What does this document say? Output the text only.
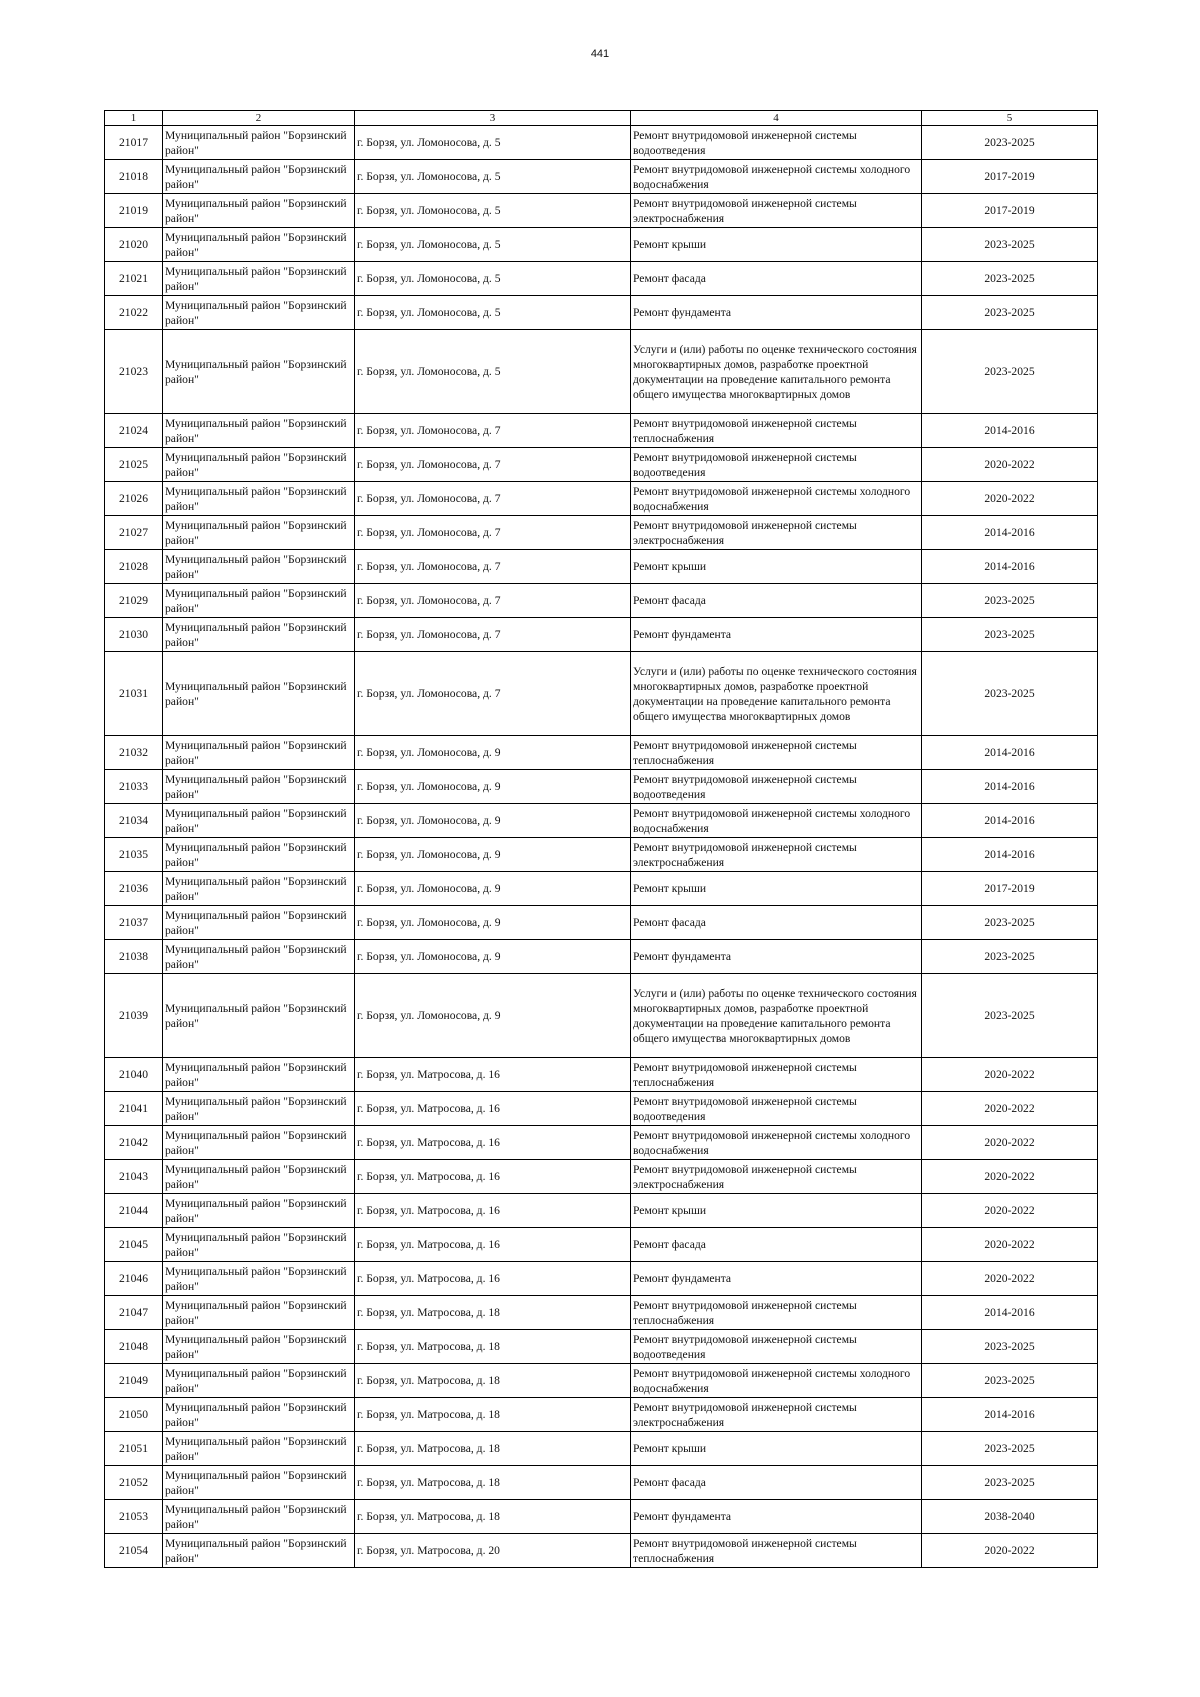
441
1	2	3	4	5
21017	Муниципальный район "Борзинский район"	г. Борзя, ул. Ломоносова, д. 5	Ремонт внутридомовой инженерной системы водоотведения	2023-2025
21018	Муниципальный район "Борзинский район"	г. Борзя, ул. Ломоносова, д. 5	Ремонт внутридомовой инженерной системы холодного водоснабжения	2017-2019
21019	Муниципальный район "Борзинский район"	г. Борзя, ул. Ломоносова, д. 5	Ремонт внутридомовой инженерной системы электроснабжения	2017-2019
21020	Муниципальный район "Борзинский район"	г. Борзя, ул. Ломоносова, д. 5	Ремонт крыши	2023-2025
21021	Муниципальный район "Борзинский район"	г. Борзя, ул. Ломоносова, д. 5	Ремонт фасада	2023-2025
21022	Муниципальный район "Борзинский район"	г. Борзя, ул. Ломоносова, д. 5	Ремонт фундамента	2023-2025
21023	Муниципальный район "Борзинский район"	г. Борзя, ул. Ломоносова, д. 5	Услуги и (или) работы по оценке технического состояния многоквартирных домов, разработке проектной документации на проведение капитального ремонта общего имущества многоквартирных домов	2023-2025
21024	Муниципальный район "Борзинский район"	г. Борзя, ул. Ломоносова, д. 7	Ремонт внутридомовой инженерной системы теплоснабжения	2014-2016
21025	Муниципальный район "Борзинский район"	г. Борзя, ул. Ломоносова, д. 7	Ремонт внутридомовой инженерной системы водоотведения	2020-2022
21026	Муниципальный район "Борзинский район"	г. Борзя, ул. Ломоносова, д. 7	Ремонт внутридомовой инженерной системы холодного водоснабжения	2020-2022
21027	Муниципальный район "Борзинский район"	г. Борзя, ул. Ломоносова, д. 7	Ремонт внутридомовой инженерной системы электроснабжения	2014-2016
21028	Муниципальный район "Борзинский район"	г. Борзя, ул. Ломоносова, д. 7	Ремонт крыши	2014-2016
21029	Муниципальный район "Борзинский район"	г. Борзя, ул. Ломоносова, д. 7	Ремонт фасада	2023-2025
21030	Муниципальный район "Борзинский район"	г. Борзя, ул. Ломоносова, д. 7	Ремонт фундамента	2023-2025
21031	Муниципальный район "Борзинский район"	г. Борзя, ул. Ломоносова, д. 7	Услуги и (или) работы по оценке технического состояния многоквартирных домов, разработке проектной документации на проведение капитального ремонта общего имущества многоквартирных домов	2023-2025
21032	Муниципальный район "Борзинский район"	г. Борзя, ул. Ломоносова, д. 9	Ремонт внутридомовой инженерной системы теплоснабжения	2014-2016
21033	Муниципальный район "Борзинский район"	г. Борзя, ул. Ломоносова, д. 9	Ремонт внутридомовой инженерной системы водоотведения	2014-2016
21034	Муниципальный район "Борзинский район"	г. Борзя, ул. Ломоносова, д. 9	Ремонт внутридомовой инженерной системы холодного водоснабжения	2014-2016
21035	Муниципальный район "Борзинский район"	г. Борзя, ул. Ломоносова, д. 9	Ремонт внутридомовой инженерной системы электроснабжения	2014-2016
21036	Муниципальный район "Борзинский район"	г. Борзя, ул. Ломоносова, д. 9	Ремонт крыши	2017-2019
21037	Муниципальный район "Борзинский район"	г. Борзя, ул. Ломоносова, д. 9	Ремонт фасада	2023-2025
21038	Муниципальный район "Борзинский район"	г. Борзя, ул. Ломоносова, д. 9	Ремонт фундамента	2023-2025
21039	Муниципальный район "Борзинский район"	г. Борзя, ул. Ломоносова, д. 9	Услуги и (или) работы по оценке технического состояния многоквартирных домов, разработке проектной документации на проведение капитального ремонта общего имущества многоквартирных домов	2023-2025
21040	Муниципальный район "Борзинский район"	г. Борзя, ул. Матросова, д. 16	Ремонт внутридомовой инженерной системы теплоснабжения	2020-2022
21041	Муниципальный район "Борзинский район"	г. Борзя, ул. Матросова, д. 16	Ремонт внутридомовой инженерной системы водоотведения	2020-2022
21042	Муниципальный район "Борзинский район"	г. Борзя, ул. Матросова, д. 16	Ремонт внутридомовой инженерной системы холодного водоснабжения	2020-2022
21043	Муниципальный район "Борзинский район"	г. Борзя, ул. Матросова, д. 16	Ремонт внутридомовой инженерной системы электроснабжения	2020-2022
21044	Муниципальный район "Борзинский район"	г. Борзя, ул. Матросова, д. 16	Ремонт крыши	2020-2022
21045	Муниципальный район "Борзинский район"	г. Борзя, ул. Матросова, д. 16	Ремонт фасада	2020-2022
21046	Муниципальный район "Борзинский район"	г. Борзя, ул. Матросова, д. 16	Ремонт фундамента	2020-2022
21047	Муниципальный район "Борзинский район"	г. Борзя, ул. Матросова, д. 18	Ремонт внутридомовой инженерной системы теплоснабжения	2014-2016
21048	Муниципальный район "Борзинский район"	г. Борзя, ул. Матросова, д. 18	Ремонт внутридомовой инженерной системы водоотведения	2023-2025
21049	Муниципальный район "Борзинский район"	г. Борзя, ул. Матросова, д. 18	Ремонт внутридомовой инженерной системы холодного водоснабжения	2023-2025
21050	Муниципальный район "Борзинский район"	г. Борзя, ул. Матросова, д. 18	Ремонт внутридомовой инженерной системы электроснабжения	2014-2016
21051	Муниципальный район "Борзинский район"	г. Борзя, ул. Матросова, д. 18	Ремонт крыши	2023-2025
21052	Муниципальный район "Борзинский район"	г. Борзя, ул. Матросова, д. 18	Ремонт фасада	2023-2025
21053	Муниципальный район "Борзинский район"	г. Борзя, ул. Матросова, д. 18	Ремонт фундамента	2038-2040
21054	Муниципальный район "Борзинский район"	г. Борзя, ул. Матросова, д. 20	Ремонт внутридомовой инженерной системы теплоснабжения	2020-2022
